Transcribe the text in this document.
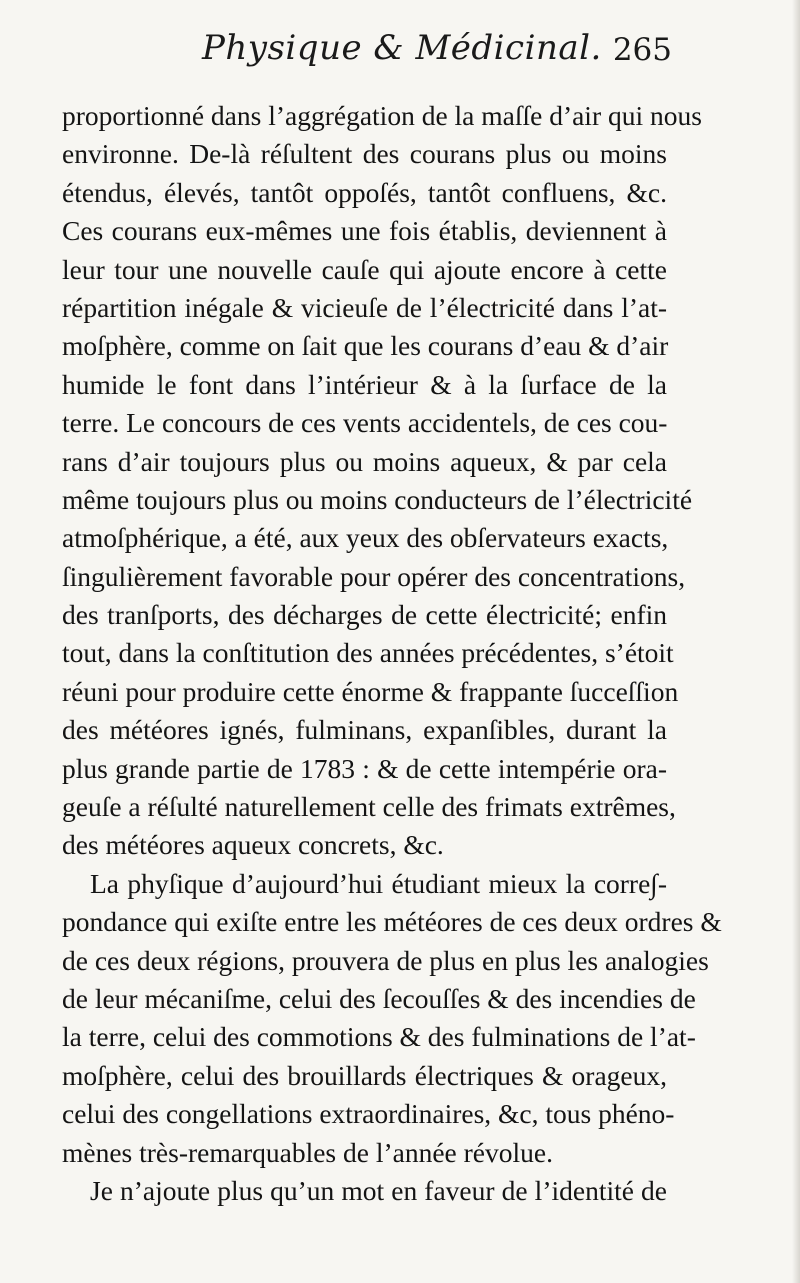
Physique & Médicinal. 265
proportionné dans l’aggrégation de la maſſe d’air qui nous
environne. De-là réſultent des courans plus ou moins
étendus, élevés, tantôt oppoſés, tantôt confluens, &c.
Ces courans eux-mêmes une fois établis, deviennent à
leur tour une nouvelle cauſe qui ajoute encore à cette
répartition inégale & vicieuſe de l’électricité dans l’at-
moſphère, comme on ſait que les courans d’eau & d’air
humide le font dans l’intérieur & à la ſurface de la
terre. Le concours de ces vents accidentels, de ces cou-
rans d’air toujours plus ou moins aqueux, & par cela
même toujours plus ou moins conducteurs de l’électricité
atmoſphérique, a été, aux yeux des obſervateurs exacts,
ſingulièrement favorable pour opérer des concentrations,
des tranſports, des décharges de cette électricité; enfin
tout, dans la conſtitution des années précédentes, s’étoit
réuni pour produire cette énorme & frappante ſucceſſion
des météores ignés, fulminans, expanſibles, durant la
plus grande partie de 1783 : & de cette intempérie ora-
geuſe a réſulté naturellement celle des frimats extrêmes,
des météores aqueux concrets, &c.
La phyſique d’aujourd’hui étudiant mieux la corre∫-
pondance qui exiſte entre les météores de ces deux ordres &
de ces deux régions, prouvera de plus en plus les analogies
de leur mécaniſme, celui des ſecouſſes & des incendies de
la terre, celui des commotions & des fulminations de l’at-
moſphère, celui des brouillards électriques & orageux,
celui des congellations extraordinaires, &c, tous phéno-
mènes très-remarquables de l’année révolue.
Je n’ajoute plus qu’un mot en faveur de l’identité de
